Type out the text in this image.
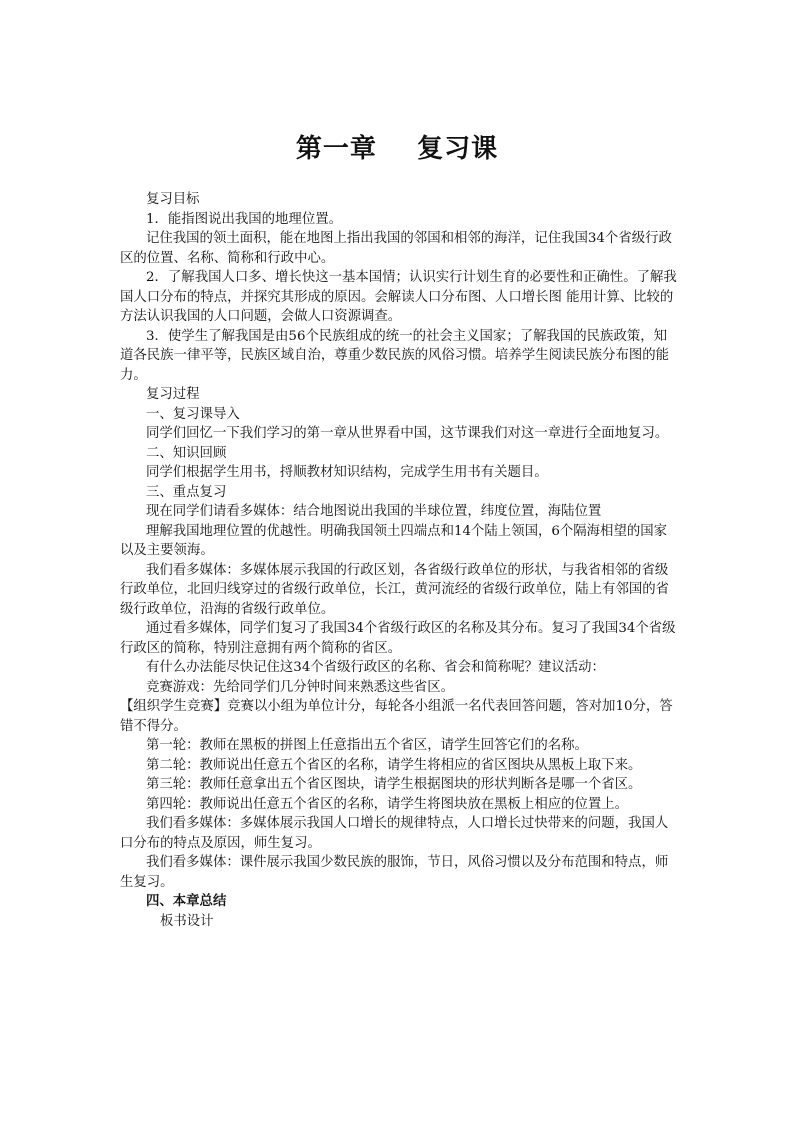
第一章    复习课

复习目标

1．能指图说出我国的地理位置。

记住我国的领土面积，能在地图上指出我国的邻国和相邻的海洋，记住我国34个省级行政区的位置、名称、简称和行政中心。

2．了解我国人口多、增长快这一基本国情；认识实行计划生育的必要性和正确性。了解我国人口分布的特点，并探究其形成的原因。会解读人口分布图、人口增长图 能用计算、比较的方法认识我国的人口问题，会做人口资源调查。

3．使学生了解我国是由56个民族组成的统一的社会主义国家；了解我国的民族政策，知道各民族一律平等，民族区域自治，尊重少数民族的风俗习惯。培养学生阅读民族分布图的能力。

复习过程

一、复习课导入

同学们回忆一下我们学习的第一章从世界看中国，这节课我们对这一章进行全面地复习。

二、知识回顾

同学们根据学生用书，捋顺教材知识结构，完成学生用书有关题目。

三、重点复习

现在同学们请看多媒体：结合地图说出我国的半球位置，纬度位置，海陆位置

理解我国地理位置的优越性。明确我国领土四端点和14个陆上领国，6个隔海相望的国家以及主要领海。

我们看多媒体：多媒体展示我国的行政区划，各省级行政单位的形状，与我省相邻的省级行政单位，北回归线穿过的省级行政单位，长江，黄河流经的省级行政单位，陆上有邻国的省级行政单位，沿海的省级行政单位。

通过看多媒体，同学们复习了我国34个省级行政区的名称及其分布。复习了我国34个省级行政区的简称，特别注意拥有两个简称的省区。

有什么办法能尽快记住这34个省级行政区的名称、省会和简称呢？建议活动：

竞赛游戏：先给同学们几分钟时间来熟悉这些省区。

【组织学生竞赛】竞赛以小组为单位计分，每轮各小组派一名代表回答问题，答对加10分，答错不得分。

第一轮：教师在黑板的拼图上任意指出五个省区，请学生回答它们的名称。

第二轮：教师说出任意五个省区的名称，请学生将相应的省区图块从黑板上取下来。

第三轮：教师任意拿出五个省区图块，请学生根据图块的形状判断各是哪一个省区。

第四轮：教师说出任意五个省区的名称，请学生将图块放在黑板上相应的位置上。

我们看多媒体：多媒体展示我国人口增长的规律特点，人口增长过快带来的问题，我国人口分布的特点及原因，师生复习。

我们看多媒体：课件展示我国少数民族的服饰，节日，风俗习惯以及分布范围和特点，师生复习。

四、本章总结

板书设计
